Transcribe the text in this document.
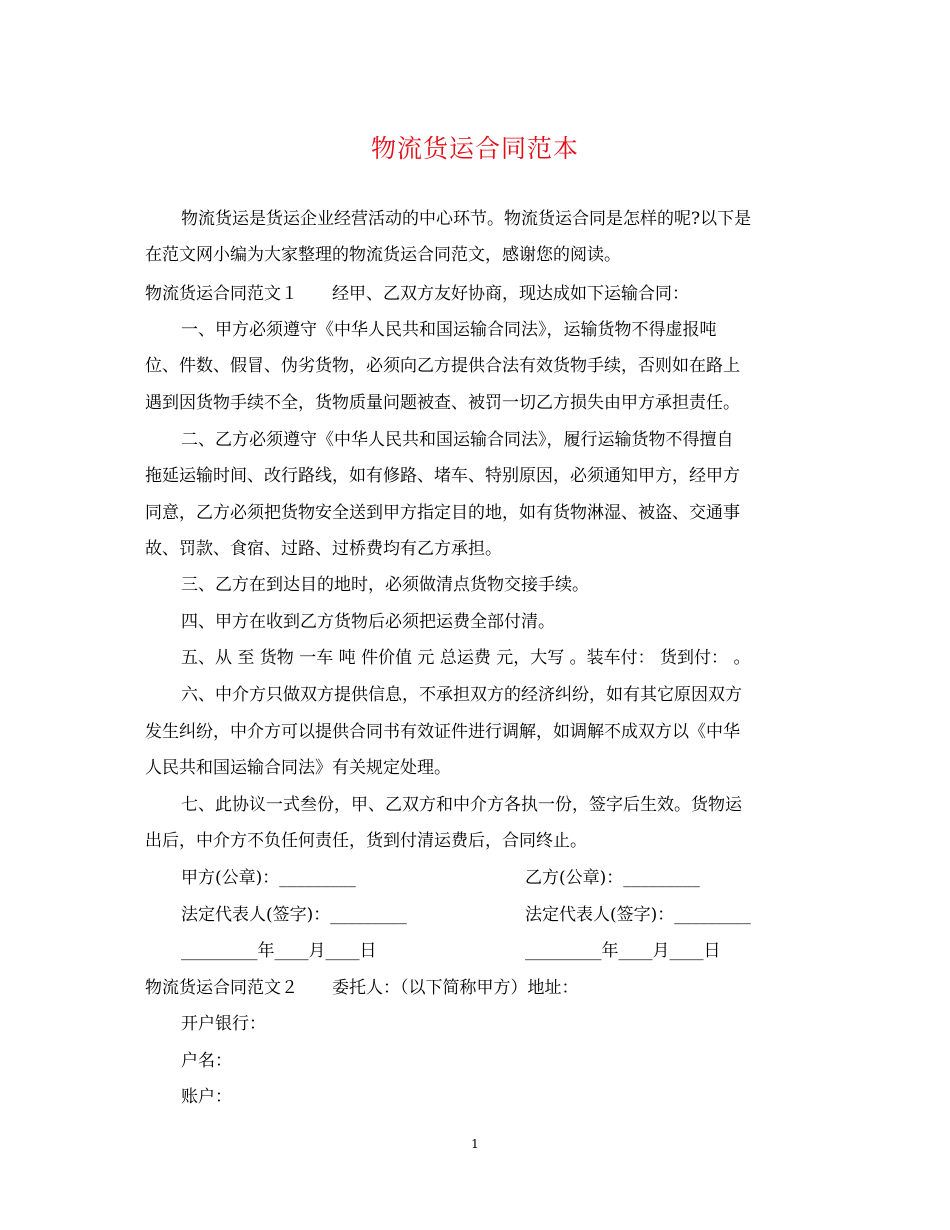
物流货运合同范本
物流货运是货运企业经营活动的中心环节。物流货运合同是怎样的呢?以下是
在范文网小编为大家整理的物流货运合同范文，感谢您的阅读。
物流货运合同范文１ 经甲、乙双方友好协商，现达成如下运输合同：
一、甲方必须遵守《中华人民共和国运输合同法》，运输货物不得虚报吨
位、件数、假冒、伪劣货物，必须向乙方提供合法有效货物手续，否则如在路上
遇到因货物手续不全，货物质量问题被查、被罚一切乙方损失由甲方承担责任。
二、乙方必须遵守《中华人民共和国运输合同法》，履行运输货物不得擅自
拖延运输时间、改行路线，如有修路、堵车、特别原因，必须通知甲方，经甲方
同意，乙方必须把货物安全送到甲方指定目的地，如有货物淋湿、被盗、交通事
故、罚款、食宿、过路、过桥费均有乙方承担。
三、乙方在到达目的地时，必须做清点货物交接手续。
四、甲方在收到乙方货物后必须把运费全部付清。
五、从 至 货物 一车 吨 件价值 元 总运费 元，大写 。装车付： 货到付： 。
六、中介方只做双方提供信息，不承担双方的经济纠纷，如有其它原因双方
发生纠纷，中介方可以提供合同书有效证件进行调解，如调解不成双方以《中华
人民共和国运输合同法》有关规定处理。
七、此协议一式叁份，甲、乙双方和中介方各执一份，签字后生效。货物运
出后，中介方不负任何责任，货到付清运费后，合同终止。
甲方(公章)：_________	乙方(公章)：_________
法定代表人(签字)：_________	法定代表人(签字)：_________
_________年____月____日	_________年____月____日
物流货运合同范文２ 委托人：（以下简称甲方）地址：
开户银行：
户名：
账户：
1
